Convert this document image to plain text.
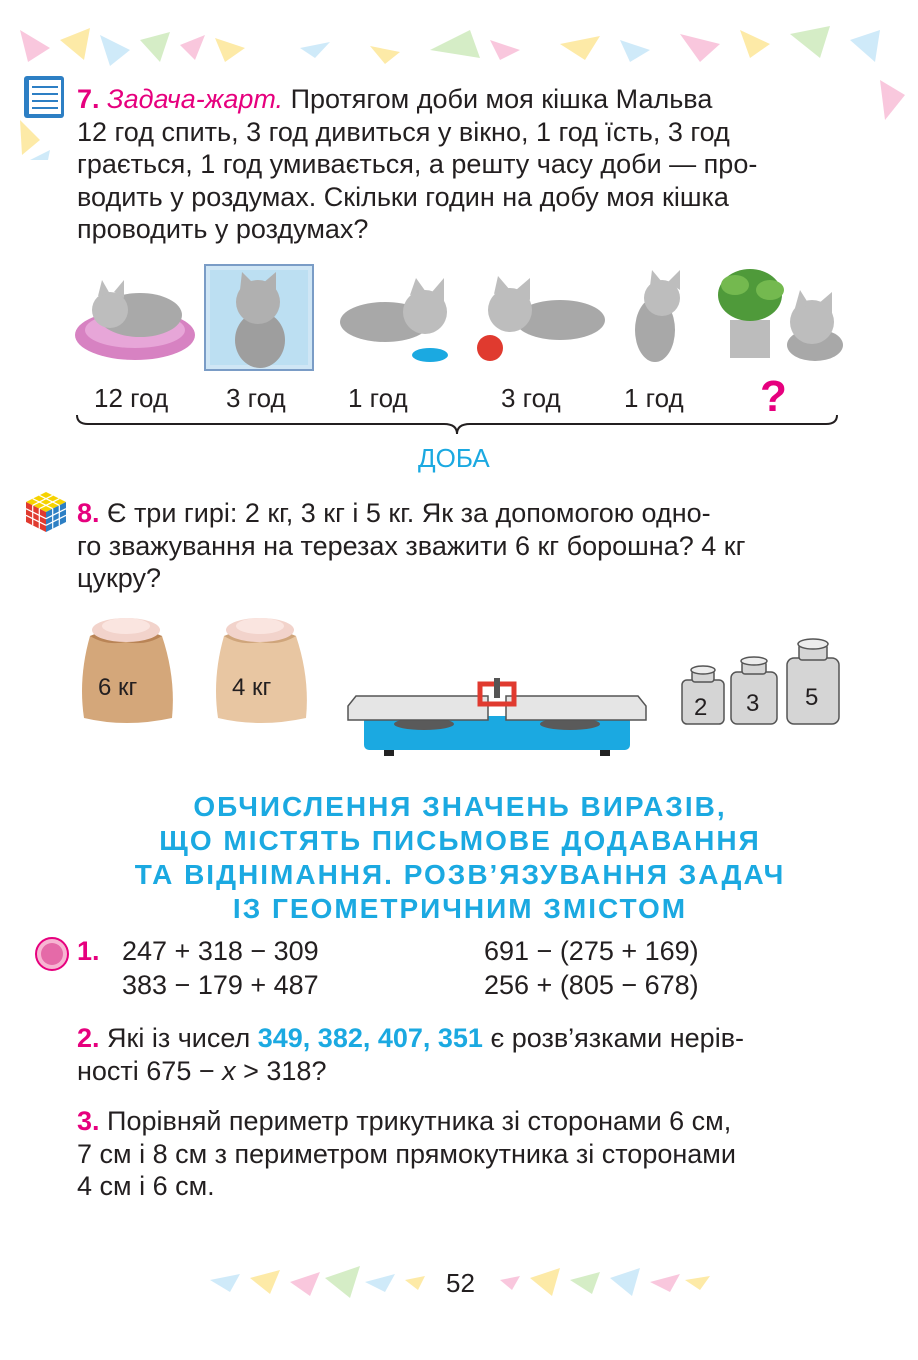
7. Задача-жарт. Протягом доби моя кішка Мальва
12 год спить, 3 год дивиться у вікно, 1 год їсть, 3 год
грається, 1 год умивається, а решту часу доби — про-
водить у роздумах. Скільки годин на добу моя кішка
проводить у роздумах?
12 год 3 год 1 год	3 год 1 год ?
ДОБА
8. Є три гирі: 2 кг, 3 кг і 5 кг. Як за допомогою одно-
го зважування на терезах зважити 6 кг борошна? 4 кг
цукру?
6 кг	4 кг
2 3 5
ОБЧИСЛЕННЯ ЗНАЧЕНЬ ВИРАЗІВ,
ЩО МІСТЯТЬ ПИСЬМОВЕ ДОДАВАННЯ
ТА ВІДНІМАННЯ. РОЗВ’ЯЗУВАННЯ ЗАДАЧ
ІЗ ГЕОМЕТРИЧНИМ ЗМІСТОМ
1. 247 + 318 − 309
383 − 179 + 487
691 − (275 + 169)
256 + (805 − 678)
2. Які із чисел 349, 382, 407, 351 є розв’язками нерів-
ності 675 − x > 318?
3. Порівняй периметр трикутника зі сторонами 6 см,
7 см і 8 см з периметром прямокутника зі сторонами
4 см і 6 см.
52
